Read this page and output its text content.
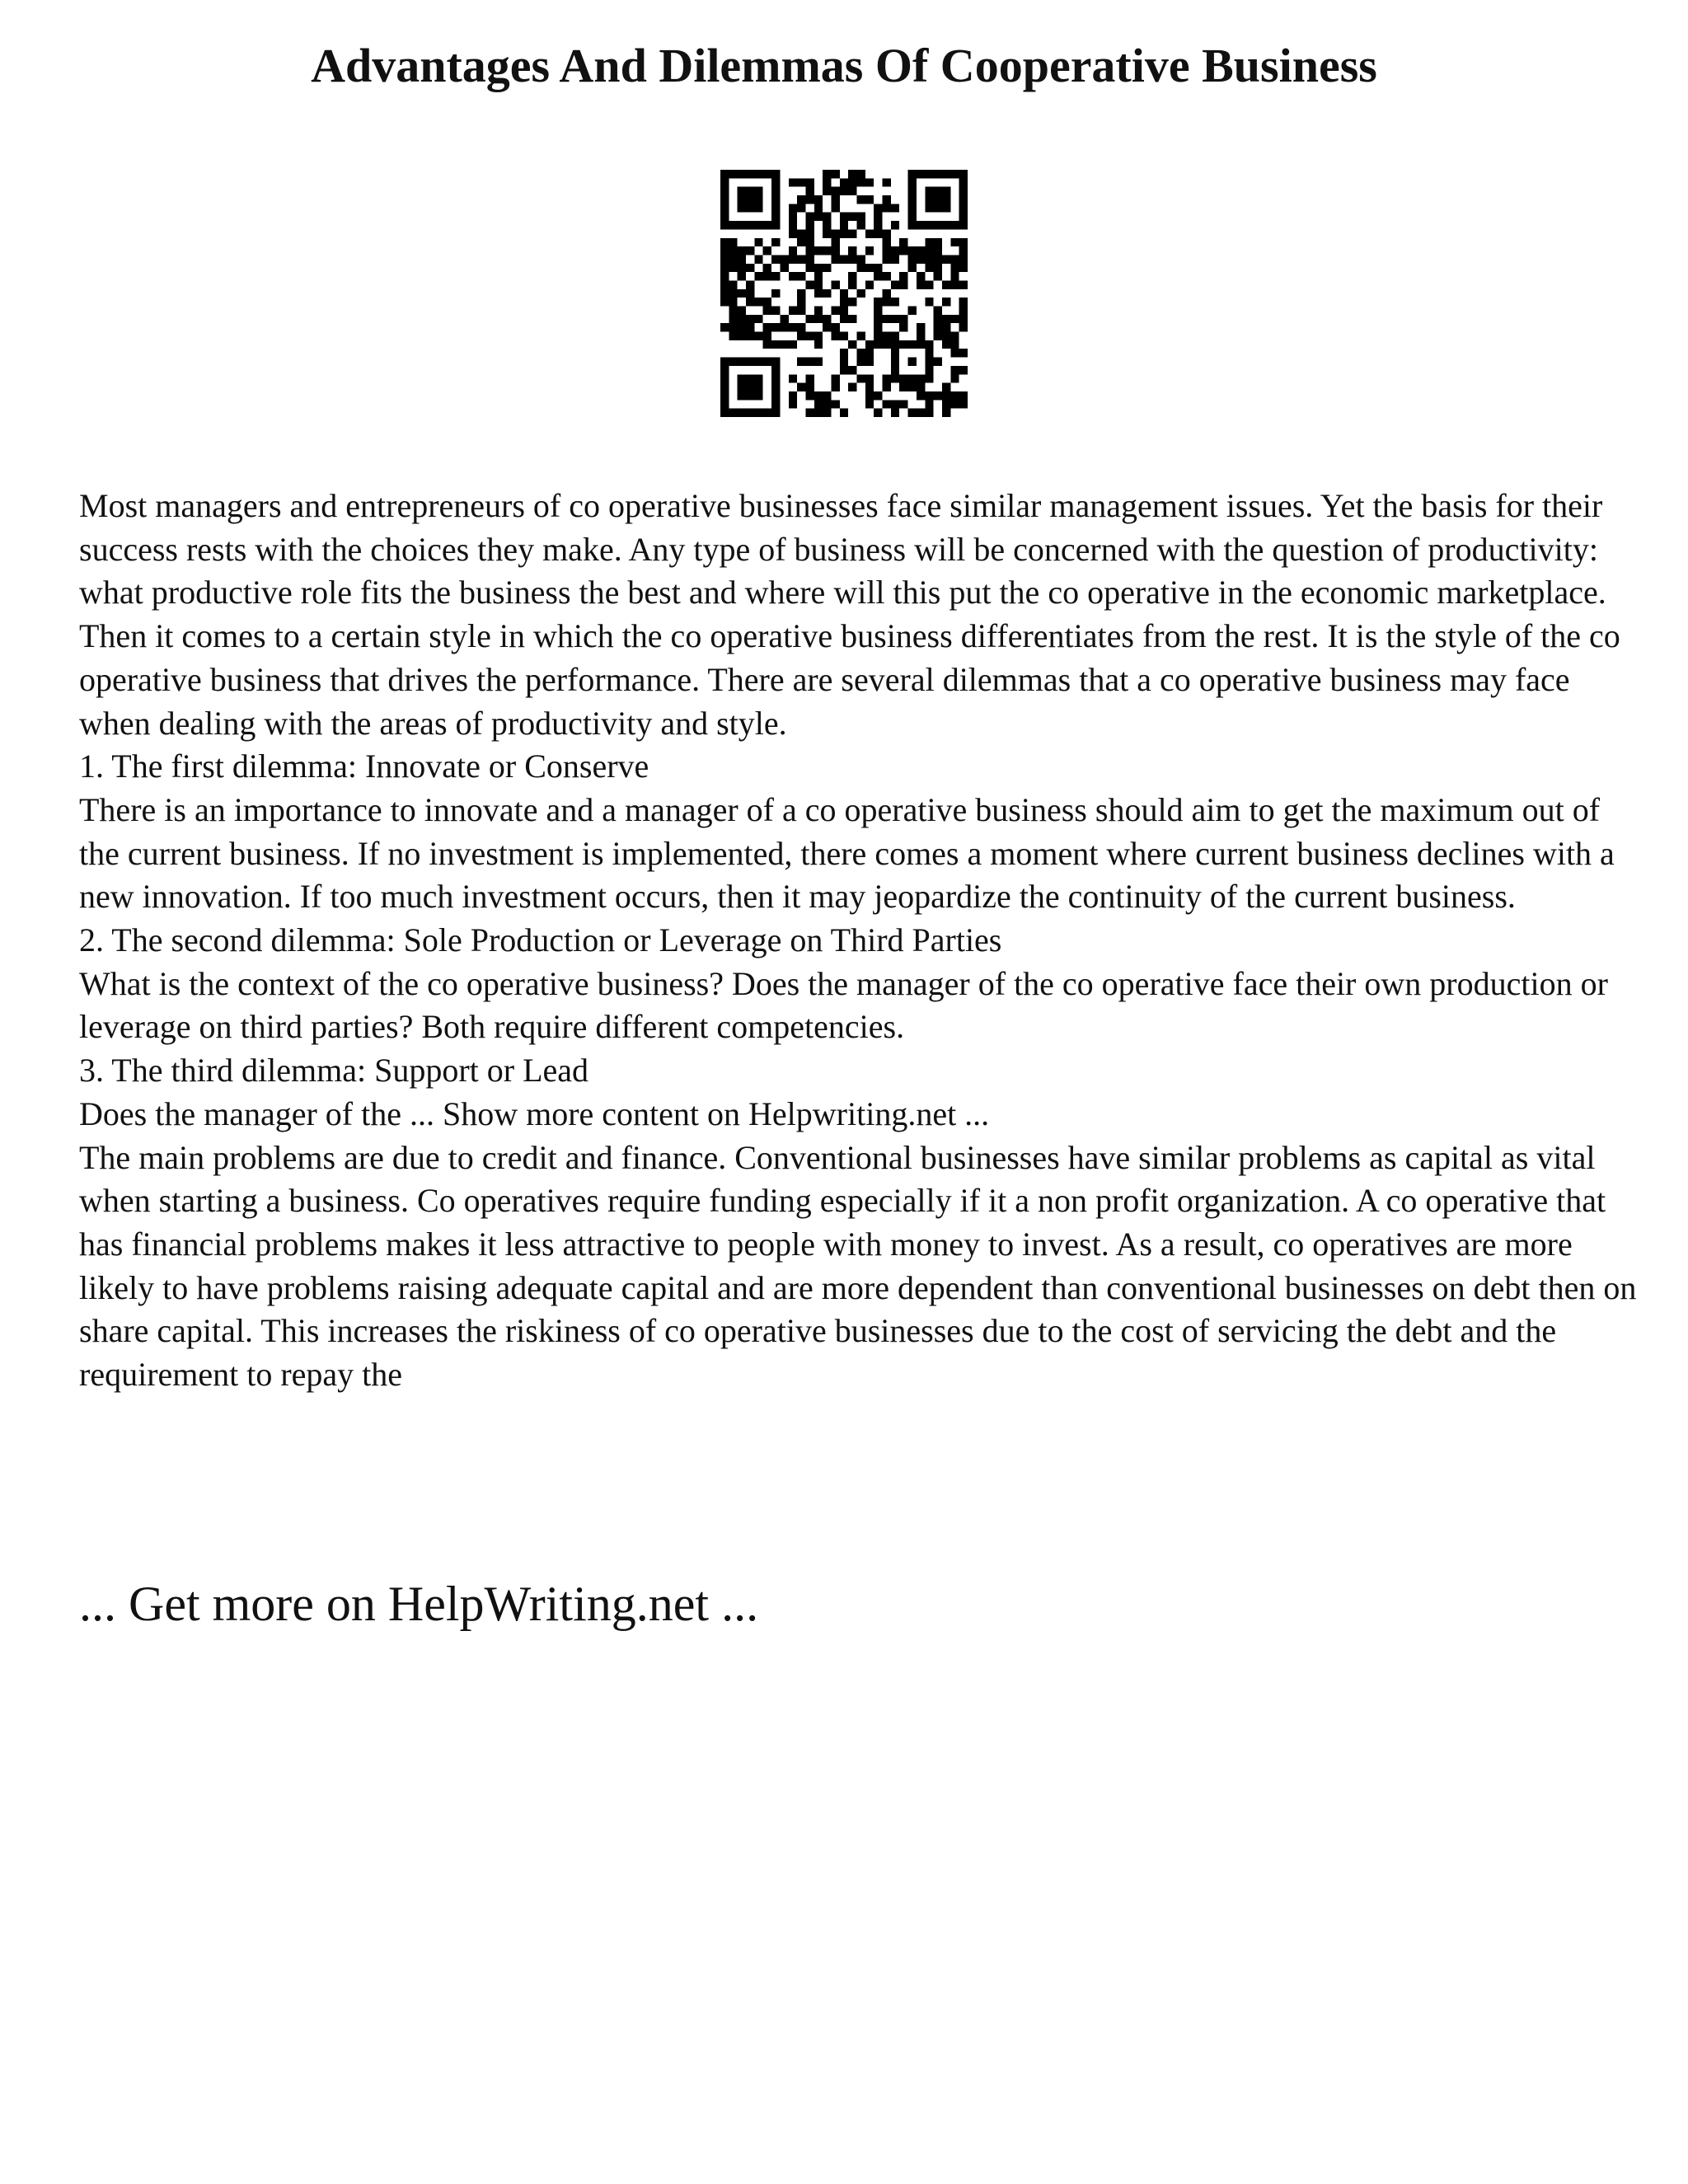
Advantages And Dilemmas Of Cooperative Business

Most managers and entrepreneurs of co operative businesses face similar management issues. Yet the basis for their success rests with the choices they make. Any type of business will be concerned with the question of productivity: what productive role fits the business the best and where will this put the co operative in the economic marketplace. Then it comes to a certain style in which the co operative business differentiates from the rest. It is the style of the co operative business that drives the performance. There are several dilemmas that a co operative business may face when dealing with the areas of productivity and style.

1. The first dilemma: Innovate or Conserve

There is an importance to innovate and a manager of a co operative business should aim to get the maximum out of the current business. If no investment is implemented, there comes a moment where current business declines with a new innovation. If too much investment occurs, then it may jeopardize the continuity of the current business.

2. The second dilemma: Sole Production or Leverage on Third Parties

What is the context of the co operative business? Does the manager of the co operative face their own production or leverage on third parties? Both require different competencies.

3. The third dilemma: Support or Lead

Does the manager of the ... Show more content on Helpwriting.net ...

The main problems are due to credit and finance. Conventional businesses have similar problems as capital as vital when starting a business. Co operatives require funding especially if it a non profit organization. A co operative that has financial problems makes it less attractive to people with money to invest. As a result, co operatives are more likely to have problems raising adequate capital and are more dependent than conventional businesses on debt then on share capital. This increases the riskiness of co operative businesses due to the cost of servicing the debt and the requirement to repay the

... Get more on HelpWriting.net ...
